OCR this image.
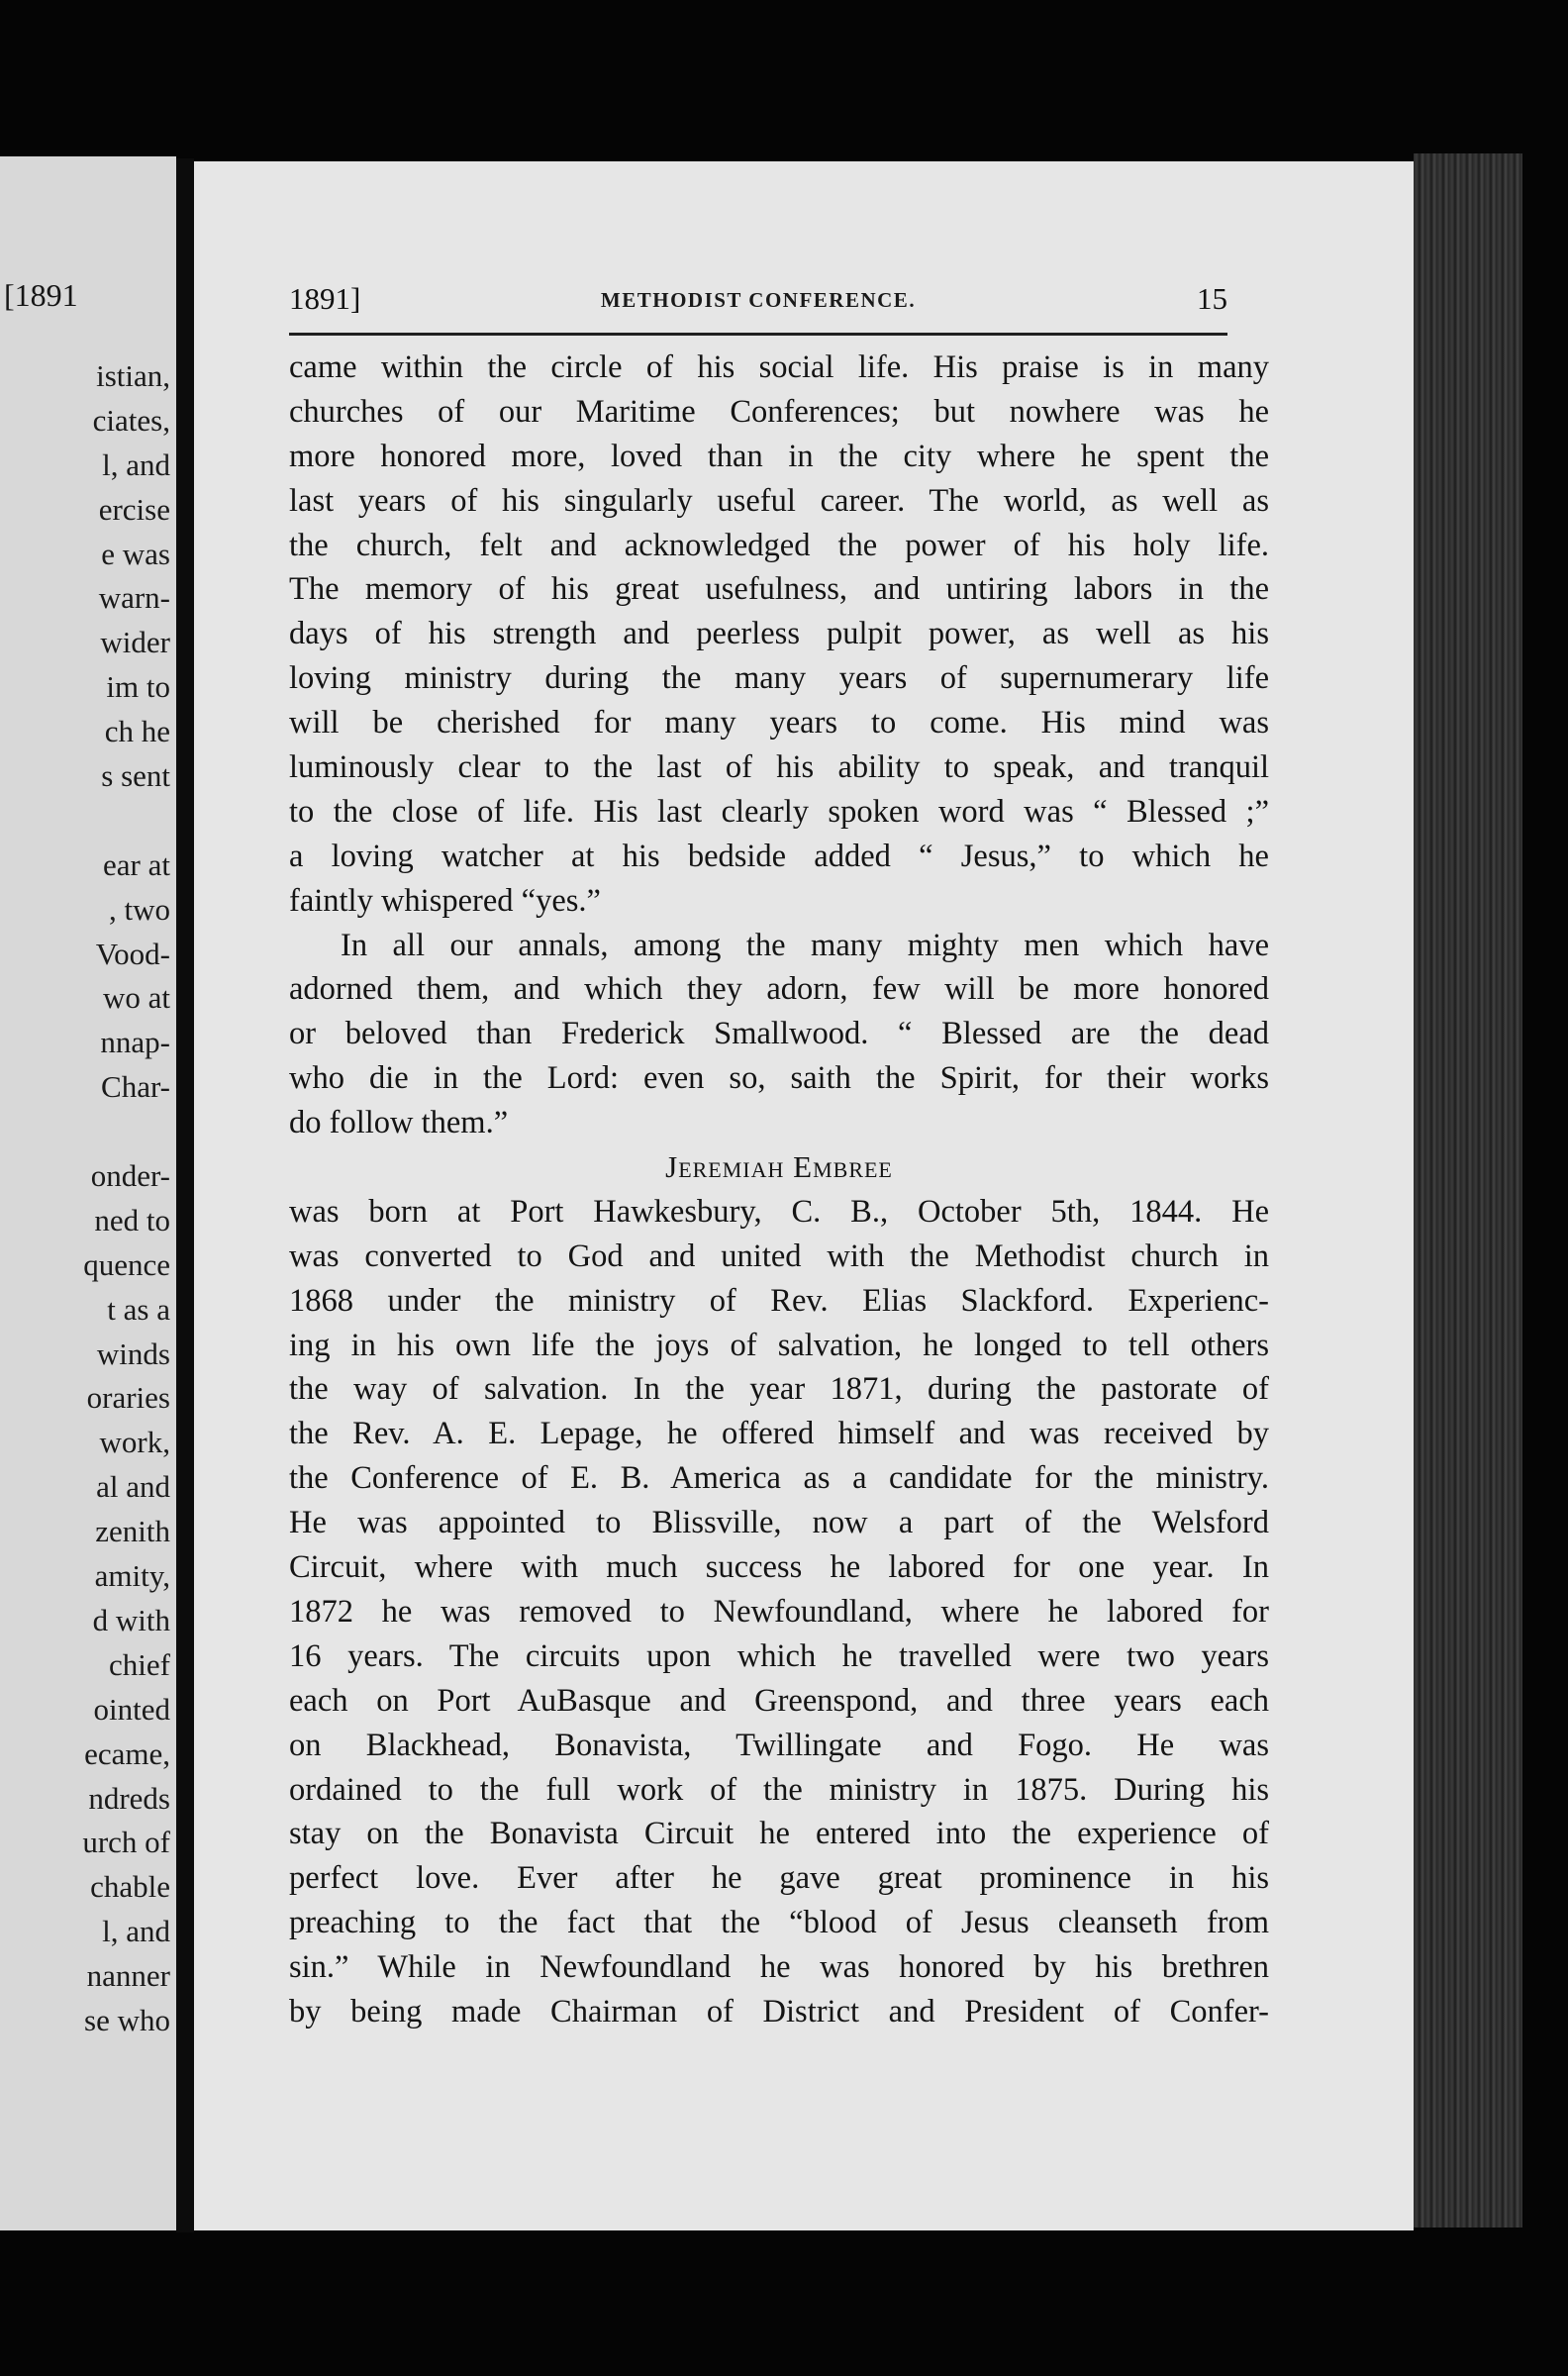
[1891
istian,
ciates,
l, and
ercise
e was
warn-
wider
im to
ch he
s sent
ear at
, two
Vood-
wo at
nnap-
Char-
onder-
ned to
quence
t as a
winds
oraries
work,
al and
zenith
amity,
d with
chief
ointed
ecame,
ndreds
urch of
chable
l, and
nanner
se who
1891]	METHODIST CONFERENCE.	15
came within the circle of his social life. His praise is in many
churches of our Maritime Conferences; but nowhere was he
more honored more, loved than in the city where he spent the
last years of his singularly useful career. The world, as well as
the church, felt and acknowledged the power of his holy life.
The memory of his great usefulness, and untiring labors in the
days of his strength and peerless pulpit power, as well as his
loving ministry during the many years of supernumerary life
will be cherished for many years to come. His mind was
luminously clear to the last of his ability to speak, and tranquil
to the close of life. His last clearly spoken word was “ Blessed ;”
a loving watcher at his bedside added “ Jesus,” to which he
faintly whispered “yes.”
In all our annals, among the many mighty men which have
adorned them, and which they adorn, few will be more honored
or beloved than Frederick Smallwood. “ Blessed are the dead
who die in the Lord: even so, saith the Spirit, for their works
do follow them.”
Jeremiah Embree
was born at Port Hawkesbury, C. B., October 5th, 1844. He
was converted to God and united with the Methodist church in
1868 under the ministry of Rev. Elias Slackford. Experienc-
ing in his own life the joys of salvation, he longed to tell others
the way of salvation. In the year 1871, during the pastorate of
the Rev. A. E. Lepage, he offered himself and was received by
the Conference of E. B. America as a candidate for the ministry.
He was appointed to Blissville, now a part of the Welsford
Circuit, where with much success he labored for one year. In
1872 he was removed to Newfoundland, where he labored for
16 years. The circuits upon which he travelled were two years
each on Port AuBasque and Greenspond, and three years each
on Blackhead, Bonavista, Twillingate and Fogo. He was
ordained to the full work of the ministry in 1875. During his
stay on the Bonavista Circuit he entered into the experience of
perfect love. Ever after he gave great prominence in his
preaching to the fact that the “blood of Jesus cleanseth from
sin.” While in Newfoundland he was honored by his brethren
by being made Chairman of District and President of Confer-
